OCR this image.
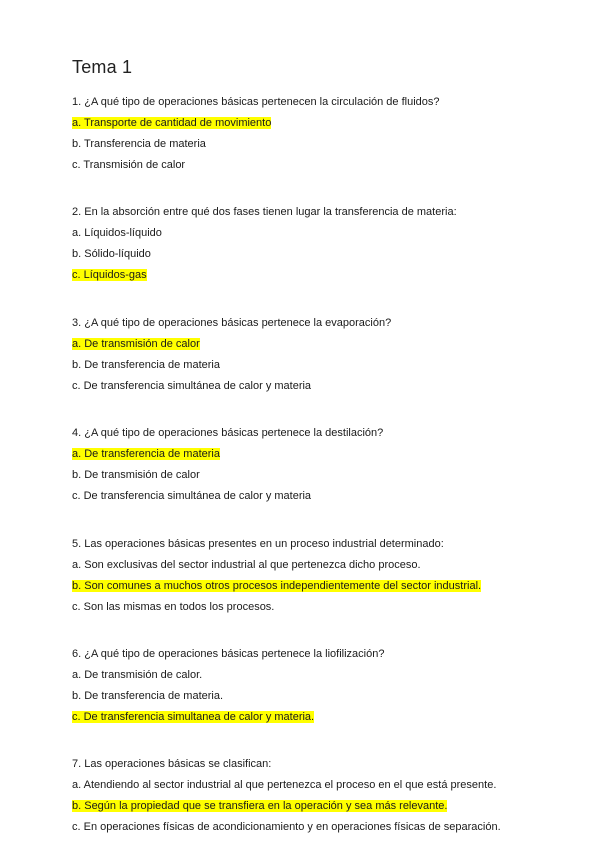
Tema 1
1. ¿A qué tipo de operaciones básicas pertenecen la circulación de fluidos?
a. Transporte de cantidad de movimiento
b. Transferencia de materia
c. Transmisión de calor
2. En la absorción entre qué dos fases tienen lugar la transferencia de materia:
a. Líquidos-líquido
b. Sólido-líquido
c. Líquidos-gas
3. ¿A qué tipo de operaciones básicas pertenece la evaporación?
a. De transmisión de calor
b. De transferencia de materia
c. De transferencia simultánea de calor y materia
4. ¿A qué tipo de operaciones básicas pertenece la destilación?
a. De transferencia de materia
b. De transmisión de calor
c. De transferencia simultánea de calor y materia
5. Las operaciones básicas presentes en un proceso industrial determinado:
a. Son exclusivas del sector industrial al que pertenezca dicho proceso.
b. Son comunes a muchos otros procesos independientemente del sector industrial.
c. Son las mismas en todos los procesos.
6. ¿A qué tipo de operaciones básicas pertenece la liofilización?
a. De transmisión de calor.
b. De transferencia de materia.
c. De transferencia simultanea de calor y materia.
7. Las operaciones básicas se clasifican:
a. Atendiendo al sector industrial al que pertenezca el proceso en el que está presente.
b. Según la propiedad que se transfiera en la operación y sea más relevante.
c. En operaciones físicas de acondicionamiento y en operaciones físicas de separación.
